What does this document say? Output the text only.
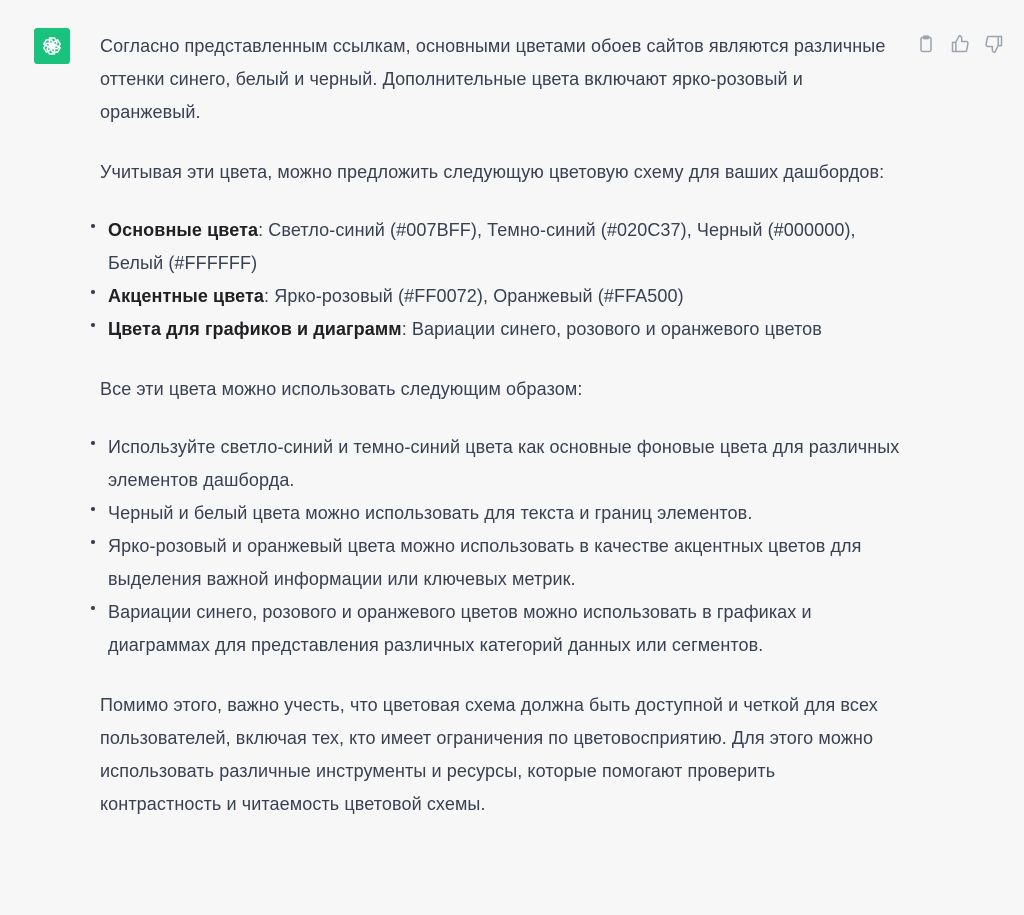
Согласно представленным ссылкам, основными цветами обоев сайтов являются различные оттенки синего, белый и черный. Дополнительные цвета включают ярко-розовый и оранжевый.

Учитывая эти цвета, можно предложить следующую цветовую схему для ваших дашбордов:

Основные цвета: Светло-синий (#007BFF), Темно-синий (#020C37), Черный (#000000), Белый (#FFFFFF)
Акцентные цвета: Ярко-розовый (#FF0072), Оранжевый (#FFA500)
Цвета для графиков и диаграмм: Вариации синего, розового и оранжевого цветов

Все эти цвета можно использовать следующим образом:

Используйте светло-синий и темно-синий цвета как основные фоновые цвета для различных элементов дашборда.
Черный и белый цвета можно использовать для текста и границ элементов.
Ярко-розовый и оранжевый цвета можно использовать в качестве акцентных цветов для выделения важной информации или ключевых метрик.
Вариации синего, розового и оранжевого цветов можно использовать в графиках и диаграммах для представления различных категорий данных или сегментов.

Помимо этого, важно учесть, что цветовая схема должна быть доступной и четкой для всех пользователей, включая тех, кто имеет ограничения по цветовосприятию. Для этого можно использовать различные инструменты и ресурсы, которые помогают проверить контрастность и читаемость цветовой схемы.
